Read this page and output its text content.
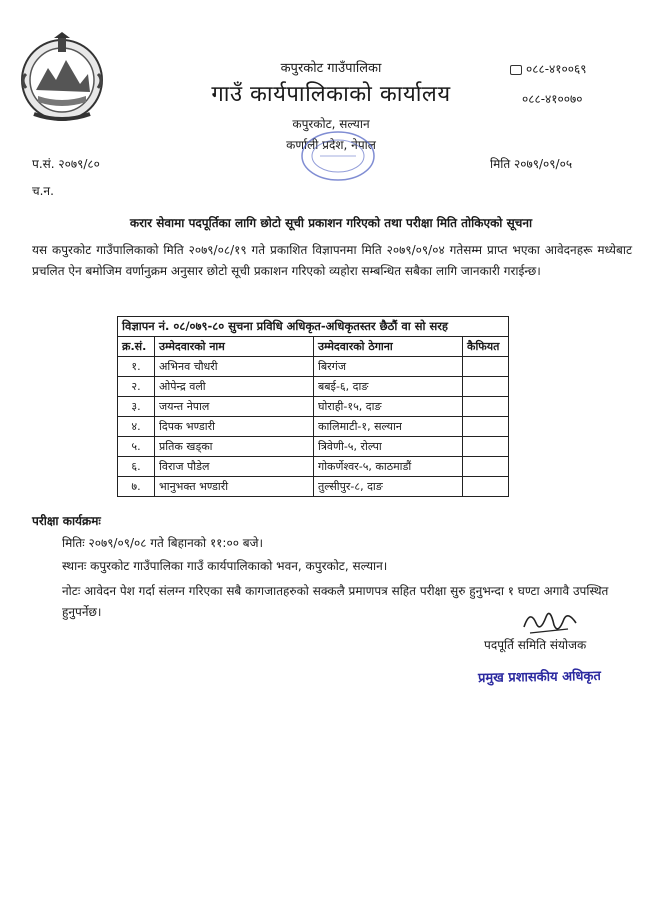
कपुरकोट गाउँपालिका
गाउँ कार्यपालिकाको कार्यालय
कपुरकोट, सल्यान
कर्णाली प्रदेश, नेपाल
०८८-४१००६९
०८८-४१००७०
प.सं. २०७९/८०	मिति २०७९/०९/०५
च.न.
करार सेवामा पदपूर्तिका लागि छोटो सूची प्रकाशन गरिएको तथा परीक्षा मिति तोकिएको सूचना
यस कपुरकोट गाउँपालिकाको मिति २०७९/०८/१९ गते प्रकाशित विज्ञापनमा मिति २०७९/०९/०४ गतेसम्म प्राप्त भएका आवेदनहरू मध्येबाट प्रचलित ऐन बमोजिम वर्णानुक्रम अनुसार छोटो सूची प्रकाशन गरिएको व्यहोरा सम्बन्धित सबैका लागि जानकारी गराईन्छ।
विज्ञापन नं. ०८/०७९-८० सुचना प्रविधि अधिकृत-अधिकृतस्तर छैठौं वा सो सरह			
क्र.सं.	उम्मेदवारको नाम	उम्मेदवारको ठेगाना	कैफियत
१.	अभिनव चौधरी	बिरगंज	
२.	ओपेन्द्र वली	बबई-६, दाङ	
३.	जयन्त नेपाल	घोराही-१५, दाङ	
४.	दिपक भण्डारी	कालिमाटी-१, सल्यान	
५.	प्रतिक खड्का	त्रिवेणी-५, रोल्पा	
६.	विराज पौडेल	गोकर्णेश्वर-५, काठमाडौं	
७.	भानुभक्त भण्डारी	तुल्सीपुर-८, दाङ	
परीक्षा कार्यक्रमः
मितिः २०७९/०९/०८ गते बिहानको ११:०० बजे।
स्थानः कपुरकोट गाउँपालिका गाउँ कार्यपालिकाको भवन, कपुरकोट, सल्यान।
नोटः आवेदन पेश गर्दा संलग्न गरिएका सबै कागजातहरुको सक्कलै प्रमाणपत्र सहित परीक्षा सुरु हुनुभन्दा १ घण्टा अगावै उपस्थित हुनुपर्नेछ।
पदपूर्ति समिति संयोजक
प्रमुख प्रशासकीय अधिकृत
